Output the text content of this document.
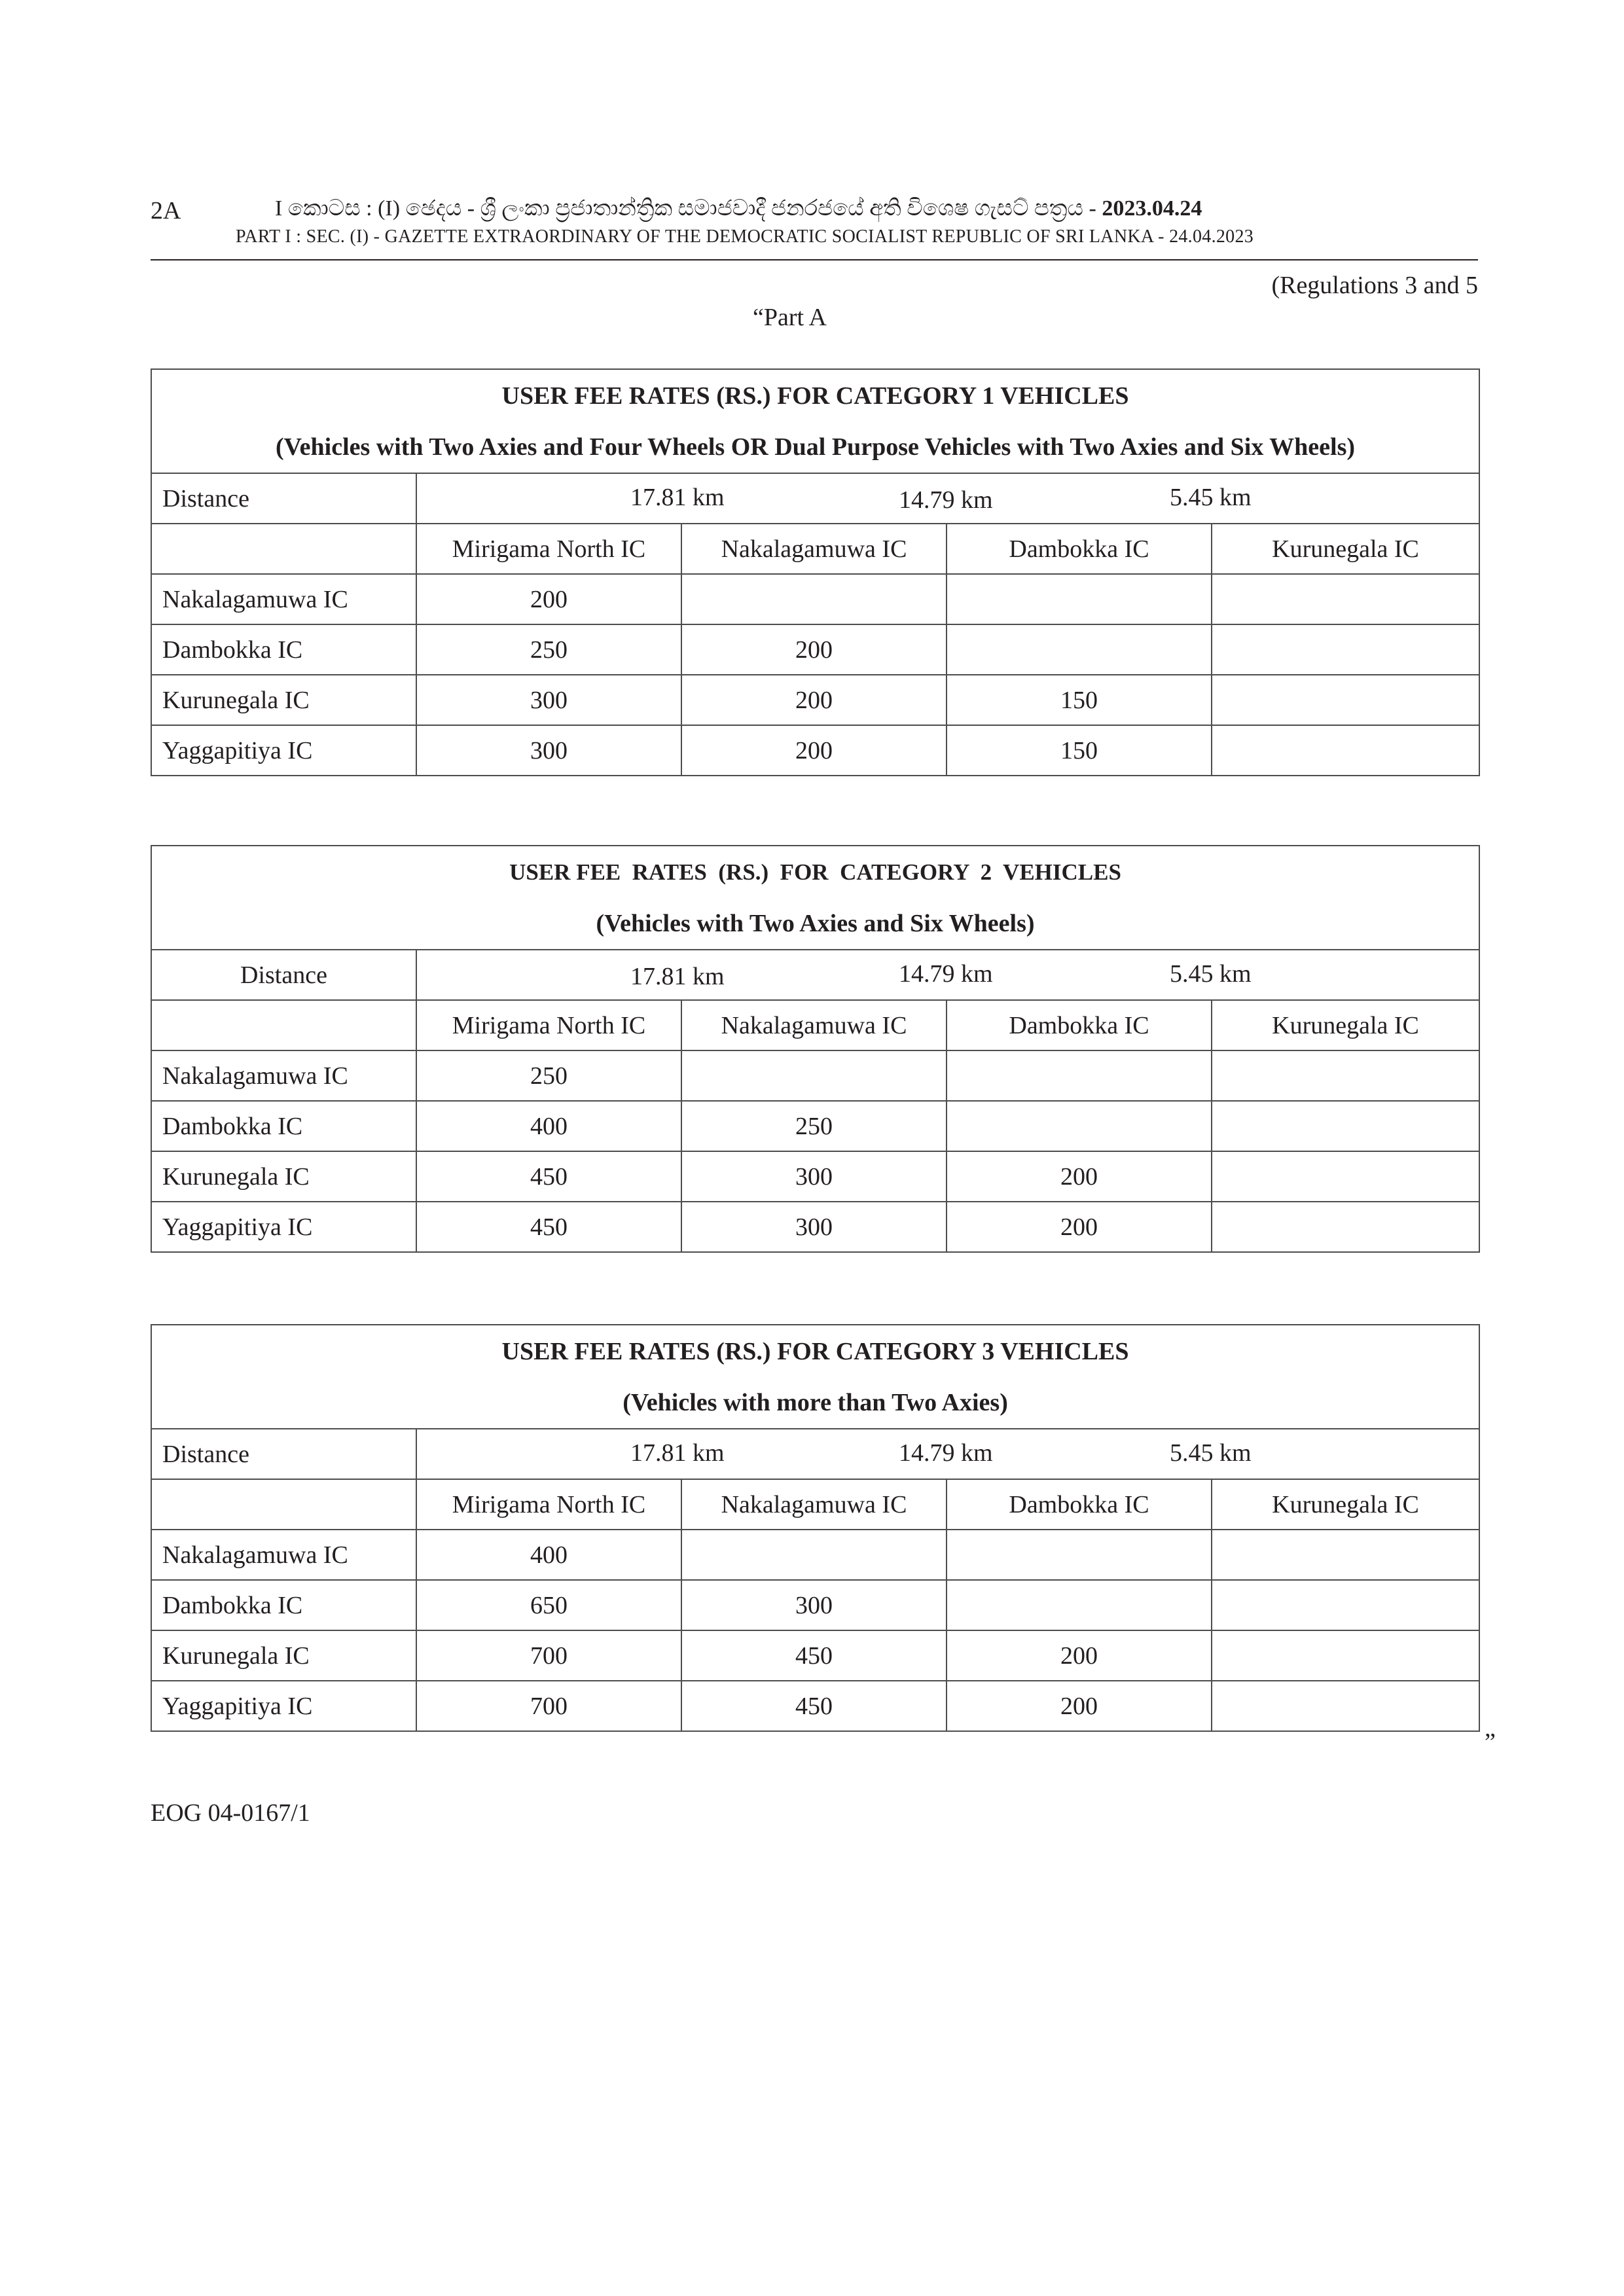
2A	I කොටස : (I) ඡෙදය - ශ්‍රී ලංකා ප්‍රජාතාන්ත්‍රික සමාජවාදී ජනරජයේ අති විශෙෂ ගැසට් පත්‍රය - 2023.04.24
PART I : SEC. (I) - GAZETTE EXTRAORDINARY OF THE DEMOCRATIC SOCIALIST REPUBLIC OF SRI LANKA - 24.04.2023
(Regulations 3 and 5
“Part A
USER FEE RATES (RS.) FOR CATEGORY 1 VEHICLES
(Vehicles with Two Axies and Four Wheels OR Dual Purpose Vehicles with Two Axies and Six Wheels)				

Distance	17.81 km 14.79 km 5.45 km			

	Mirigama North IC	Nakalagamuwa IC	Dambokka IC	Kurunegala IC
Nakalagamuwa IC	200			
Dambokka IC	250	200		
Kurunegala IC	300	200	150	
Yaggapitiya IC	300	200	150	
USER FEE  RATES  (RS.)  FOR  CATEGORY  2  VEHICLES
(Vehicles with Two Axies and Six Wheels)				

Distance	17.81 km 14.79 km 5.45 km			

	Mirigama North IC	Nakalagamuwa IC	Dambokka IC	Kurunegala IC
Nakalagamuwa IC	250			
Dambokka IC	400	250		
Kurunegala IC	450	300	200	
Yaggapitiya IC	450	300	200	
USER FEE RATES (RS.) FOR CATEGORY 3 VEHICLES
(Vehicles with more than Two Axies)				

Distance	17.81 km 14.79 km 5.45 km			

	Mirigama North IC	Nakalagamuwa IC	Dambokka IC	Kurunegala IC
Nakalagamuwa IC	400			
Dambokka IC	650	300		
Kurunegala IC	700	450	200	
Yaggapitiya IC	700	450	200	
”
EOG 04-0167/1
